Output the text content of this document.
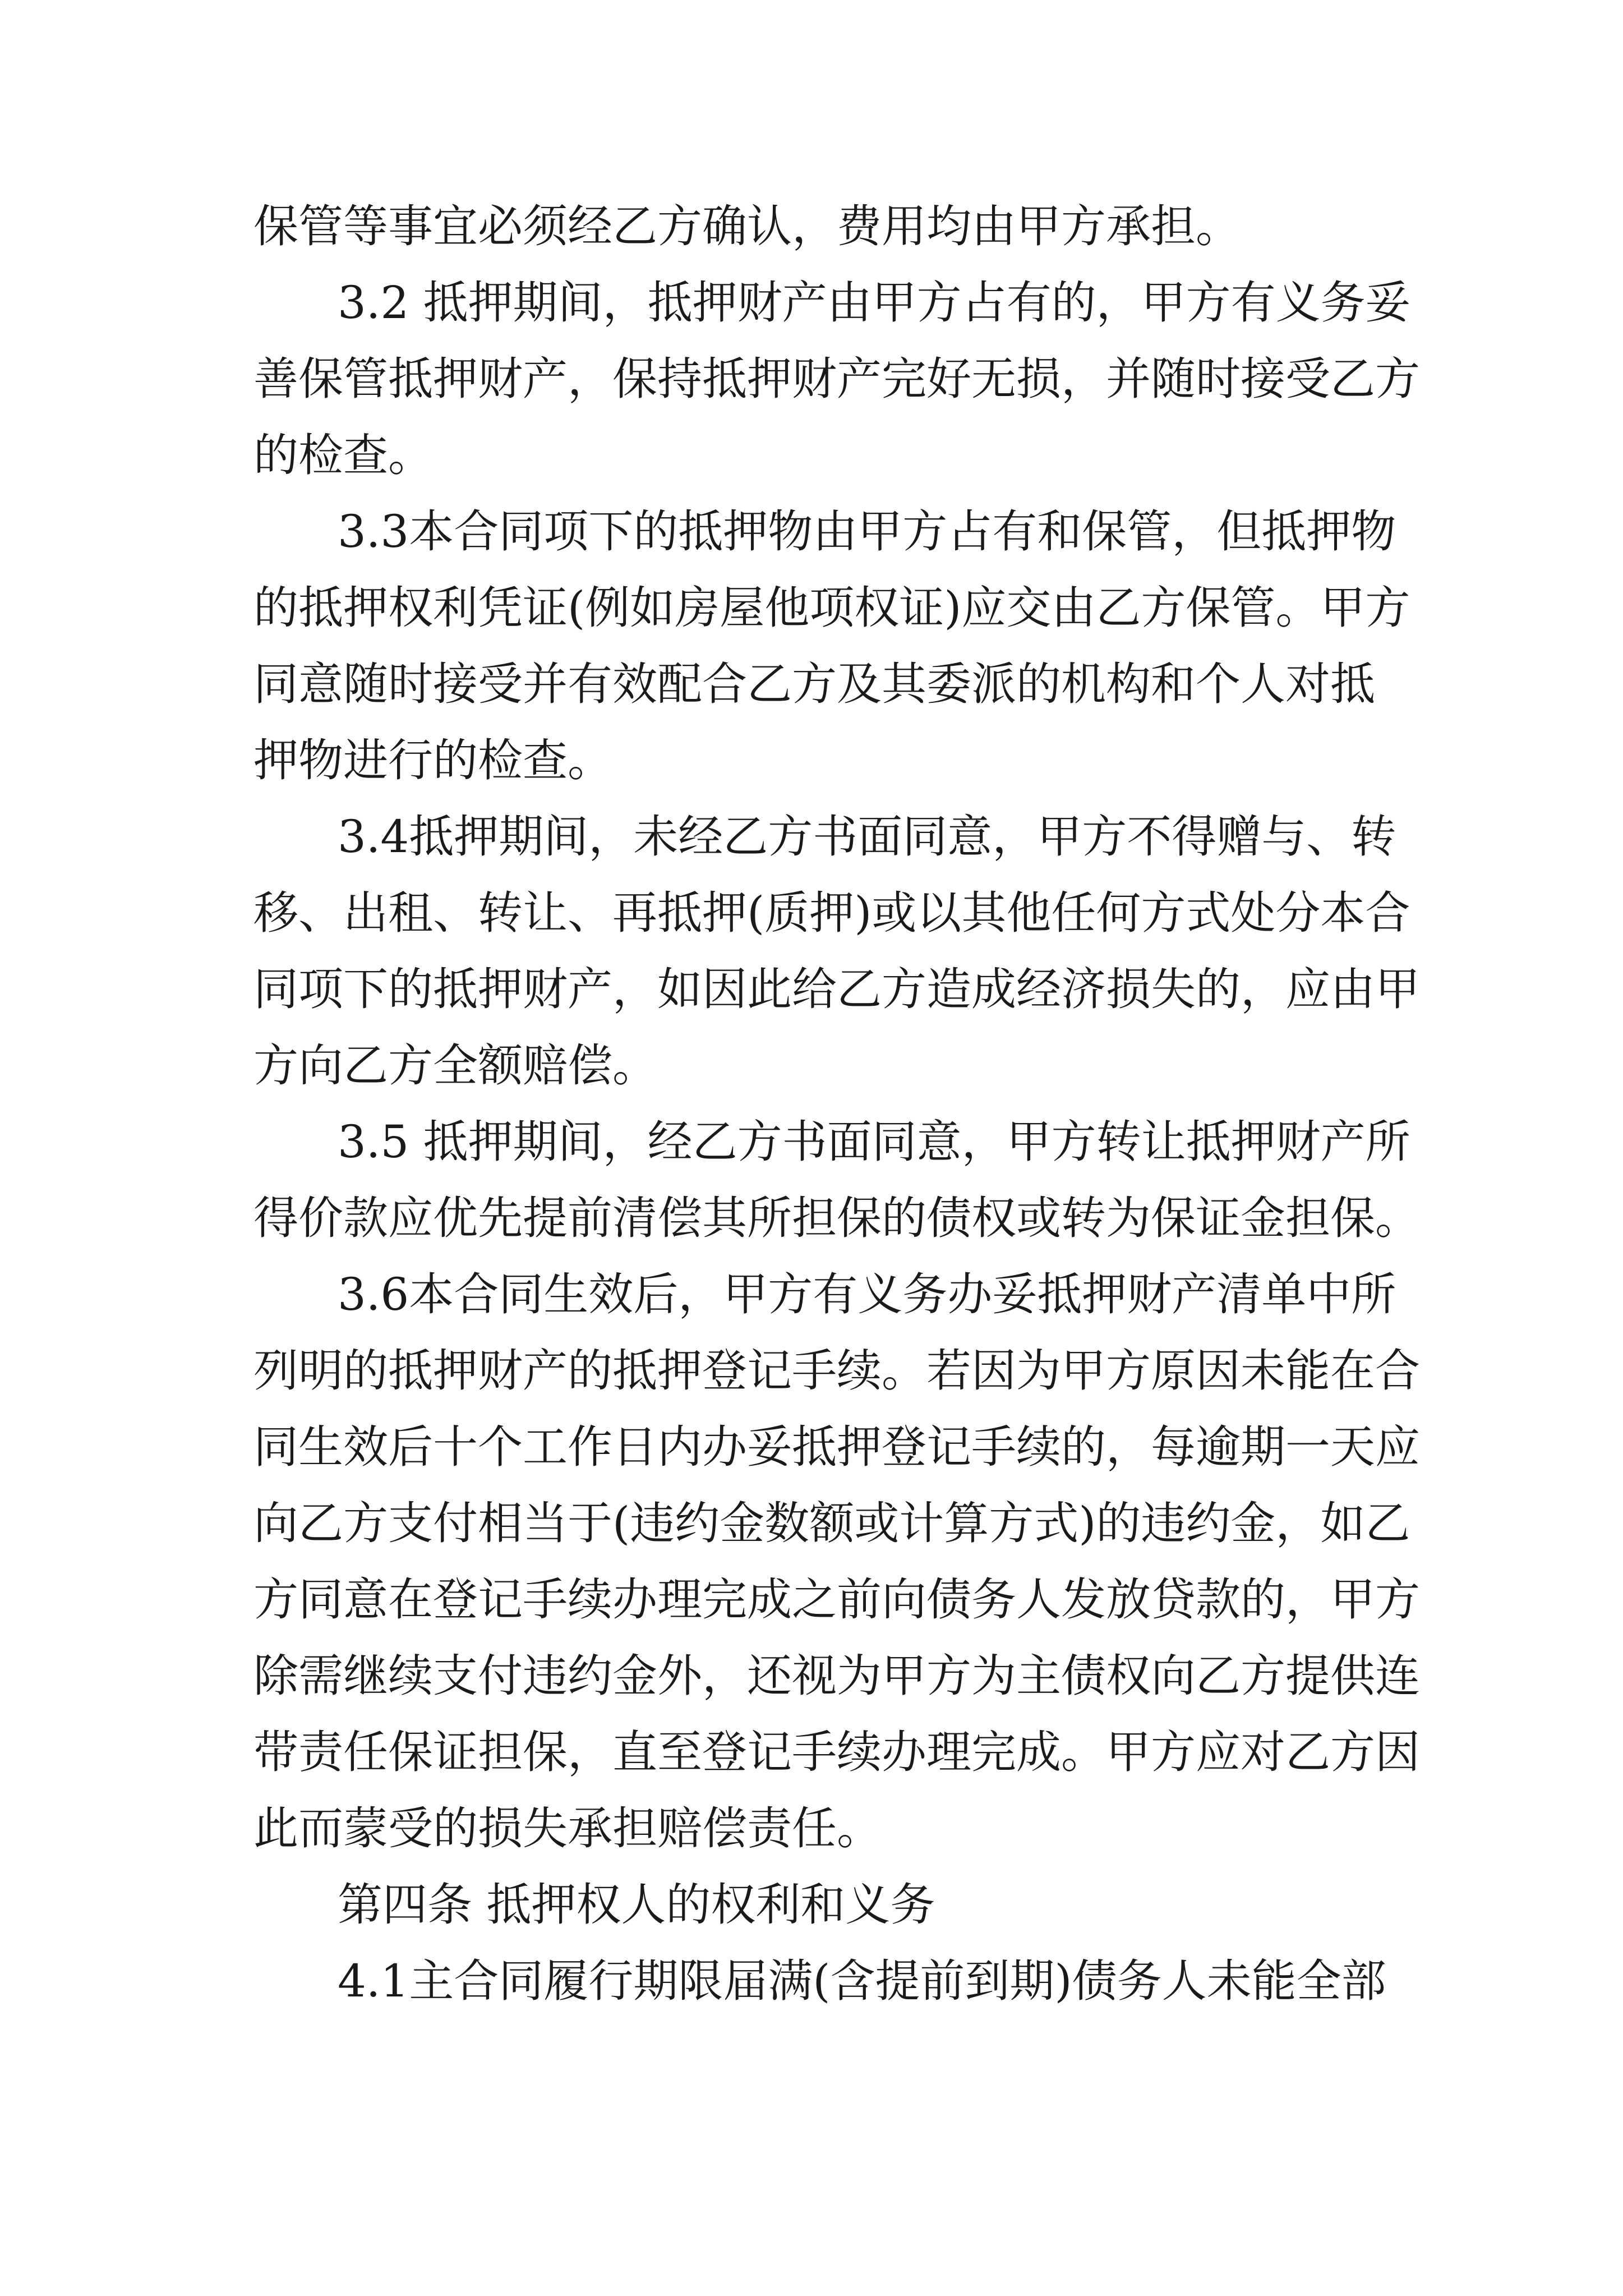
保管等事宜必须经乙方确认，费用均由甲方承担。
3.2 抵押期间，抵押财产由甲方占有的，甲方有义务妥
善保管抵押财产，保持抵押财产完好无损，并随时接受乙方
的检查。
3.3本合同项下的抵押物由甲方占有和保管，但抵押物
的抵押权利凭证(例如房屋他项权证)应交由乙方保管。甲方
同意随时接受并有效配合乙方及其委派的机构和个人对抵
押物进行的检查。
3.4抵押期间，未经乙方书面同意，甲方不得赠与、转
移、出租、转让、再抵押(质押)或以其他任何方式处分本合
同项下的抵押财产，如因此给乙方造成经济损失的，应由甲
方向乙方全额赔偿。
3.5 抵押期间，经乙方书面同意，甲方转让抵押财产所
得价款应优先提前清偿其所担保的债权或转为保证金担保。
3.6本合同生效后，甲方有义务办妥抵押财产清单中所
列明的抵押财产的抵押登记手续。若因为甲方原因未能在合
同生效后十个工作日内办妥抵押登记手续的，每逾期一天应
向乙方支付相当于(违约金数额或计算方式)的违约金，如乙
方同意在登记手续办理完成之前向债务人发放贷款的，甲方
除需继续支付违约金外，还视为甲方为主债权向乙方提供连
带责任保证担保，直至登记手续办理完成。甲方应对乙方因
此而蒙受的损失承担赔偿责任。
第四条 抵押权人的权利和义务
4.1主合同履行期限届满(含提前到期)债务人未能全部
